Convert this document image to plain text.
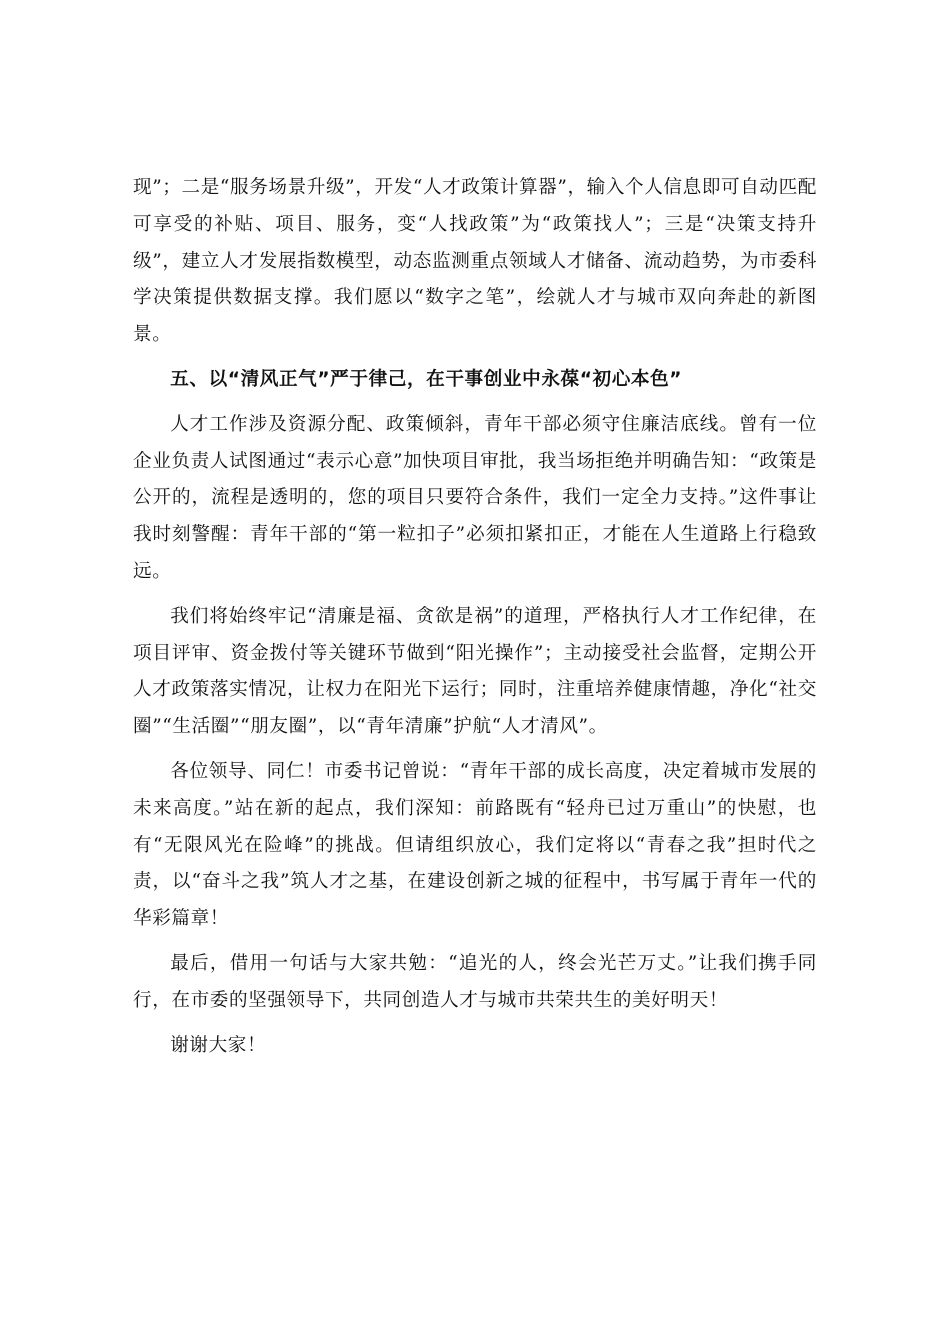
现”；二是“服务场景升级”，开发“人才政策计算器”，输入个人信息即可自动匹配可享受的补贴、项目、服务，变“人找政策”为“政策找人”；三是“决策支持升级”，建立人才发展指数模型，动态监测重点领域人才储备、流动趋势，为市委科学决策提供数据支撑。我们愿以“数字之笔”，绘就人才与城市双向奔赴的新图景。

五、以“清风正气”严于律己，在干事创业中永葆“初心本色”

人才工作涉及资源分配、政策倾斜，青年干部必须守住廉洁底线。曾有一位企业负责人试图通过“表示心意”加快项目审批，我当场拒绝并明确告知：“政策是公开的，流程是透明的，您的项目只要符合条件，我们一定全力支持。”这件事让我时刻警醒：青年干部的“第一粒扣子”必须扣紧扣正，才能在人生道路上行稳致远。

我们将始终牢记“清廉是福、贪欲是祸”的道理，严格执行人才工作纪律，在项目评审、资金拨付等关键环节做到“阳光操作”；主动接受社会监督，定期公开人才政策落实情况，让权力在阳光下运行；同时，注重培养健康情趣，净化“社交圈”“生活圈”“朋友圈”，以“青年清廉”护航“人才清风”。

各位领导、同仁！市委书记曾说：“青年干部的成长高度，决定着城市发展的未来高度。”站在新的起点，我们深知：前路既有“轻舟已过万重山”的快慰，也有“无限风光在险峰”的挑战。但请组织放心，我们定将以“青春之我”担时代之责，以“奋斗之我”筑人才之基，在建设创新之城的征程中，书写属于青年一代的华彩篇章！

最后，借用一句话与大家共勉：“追光的人，终会光芒万丈。”让我们携手同行，在市委的坚强领导下，共同创造人才与城市共荣共生的美好明天！

谢谢大家！
